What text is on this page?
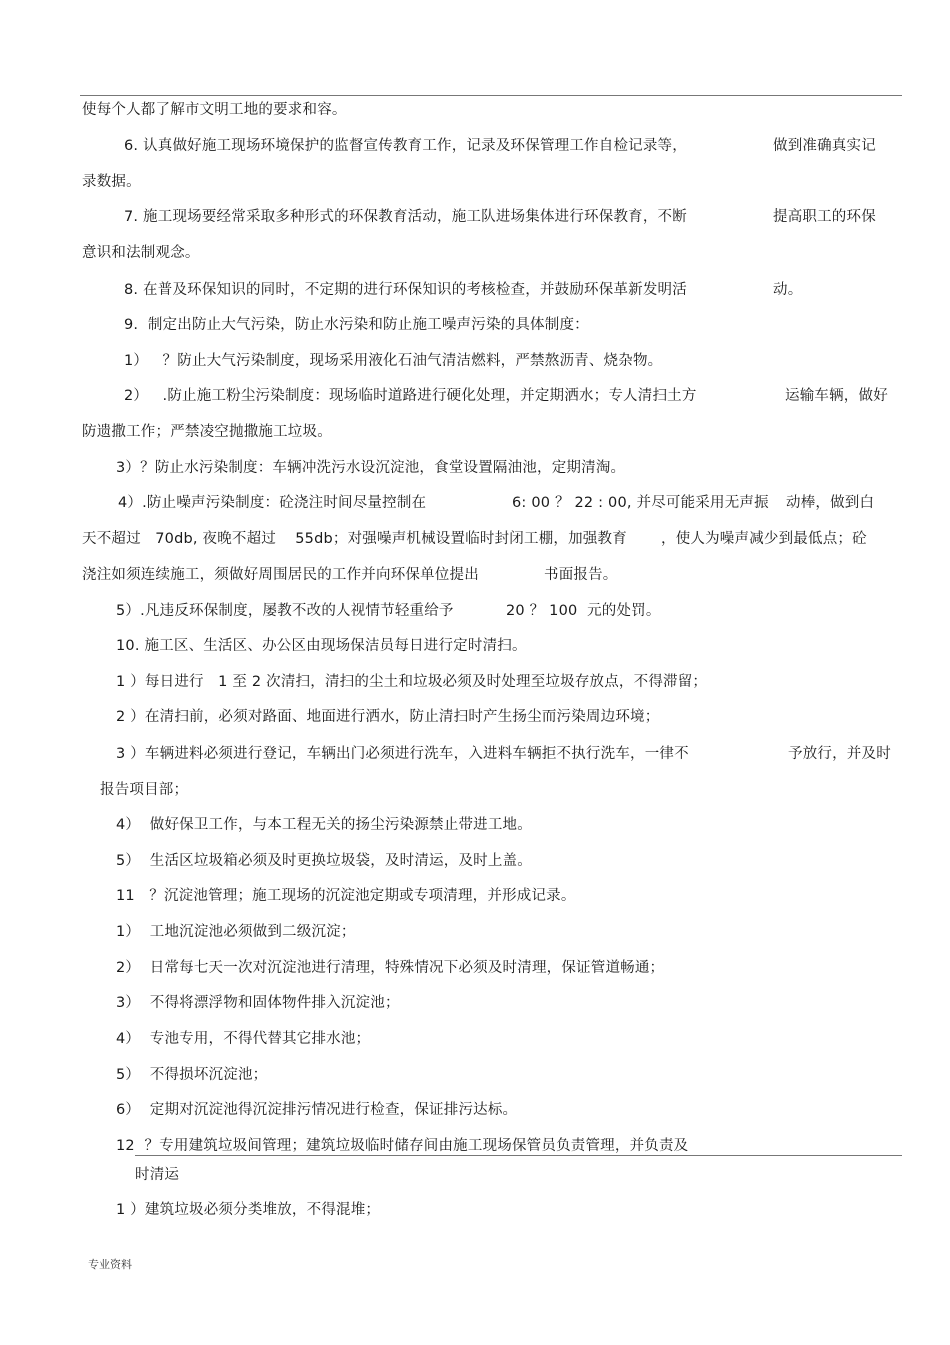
使每个人都了解市文明工地的要求和容。
6. 认真做好施工现场环境保护的监督宣传教育工作，记录及环保管理工作自检记录等，	做到准确真实记
录数据。
7. 施工现场要经常采取多种形式的环保教育活动，施工队进场集体进行环保教育，不断	提高职工的环保
意识和法制观念。
8. 在普及环保知识的同时，不定期的进行环保知识的考核检查，并鼓励环保革新发明活	动。
9.  制定出防止大气污染，防止水污染和防止施工噪声污染的具体制度：
1）   ？防止大气污染制度，现场采用液化石油气清洁燃料，严禁熬沥青、烧杂物。
2）   .防止施工粉尘污染制度：现场临时道路进行硬化处理，并定期洒水；专人清扫土方	运输车辆，做好
防遗撒工作；严禁凌空抛撒施工垃圾。
3）？防止水污染制度：车辆冲洗污水设沉淀池，食堂设置隔油池，定期清淘。
4）.防止噪声污染制度：砼浇注时间尽量控制在	6: 00 ？ 22 : 00, 并尽可能采用无声振 动棒，做到白
天不超过   70db, 夜晚不超过    55db；对强噪声机械设置临时封闭工棚，加强教育 ，使人为噪声减少到最低点；砼
浇注如须连续施工，须做好周围居民的工作并向环保单位提出	书面报告。
5）.凡违反环保制度，屡教不改的人视情节轻重给予	20 ？ 100  元的处罚。
10. 施工区、生活区、办公区由现场保洁员每日进行定时清扫。
1 ）每日进行   1 至 2 次清扫，清扫的尘土和垃圾必须及时处理至垃圾存放点，不得滞留；
2 ）在清扫前，必须对路面、地面进行洒水，防止清扫时产生扬尘而污染周边环境；
3 ）车辆进料必须进行登记，车辆出门必须进行洗车，入进料车辆拒不执行洗车，一律不	予放行，并及时
报告项目部；
4）  做好保卫工作，与本工程无关的扬尘污染源禁止带进工地。
5）  生活区垃圾箱必须及时更换垃圾袋，及时清运，及时上盖。
11   ？沉淀池管理；施工现场的沉淀池定期或专项清理，并形成记录。
1）  工地沉淀池必须做到二级沉淀；
2）  日常每七天一次对沉淀池进行清理，特殊情况下必须及时清理，保证管道畅通；
3）  不得将漂浮物和固体物件排入沉淀池；
4）  专池专用，不得代替其它排水池；
5）  不得损坏沉淀池；
6）  定期对沉淀池得沉淀排污情况进行检查，保证排污达标。
12  ？专用建筑垃圾间管理；建筑垃圾临时储存间由施工现场保管员负责管理，并负责及
时清运
1 ）建筑垃圾必须分类堆放，不得混堆；
专业资料
